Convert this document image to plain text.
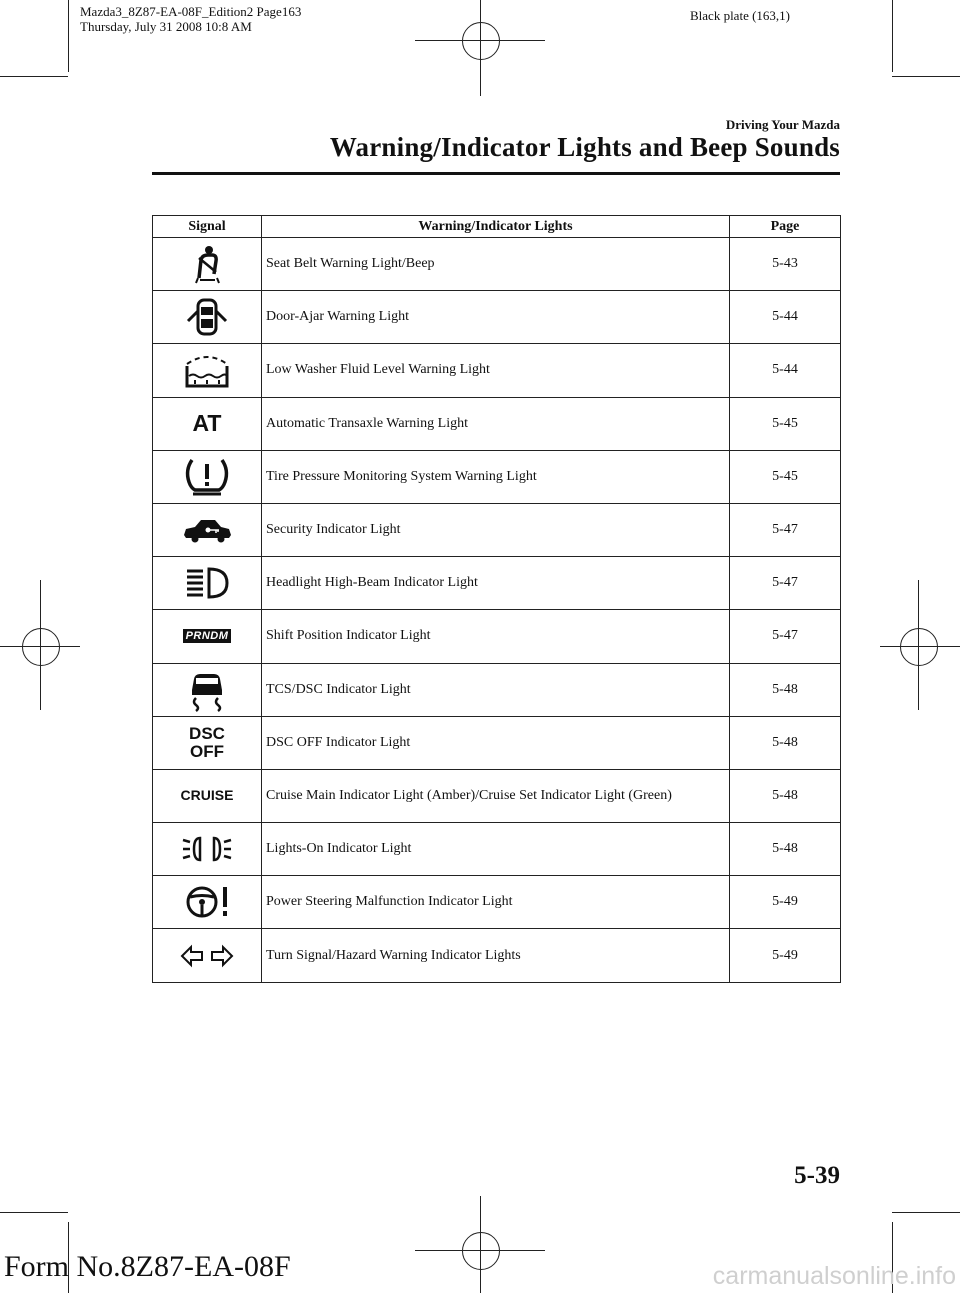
Mazda3_8Z87-EA-08F_Edition2 Page163
Thursday, July 31 2008 10:8 AM
Black plate (163,1)
Driving Your Mazda
Warning/Indicator Lights and Beep Sounds
Signal	Warning/Indicator Lights	Page

	Seat Belt Warning Light/Beep	5-43

	Door-Ajar Warning Light	5-44

	Low Washer Fluid Level Warning Light	5-44
AT	Automatic Transaxle Warning Light	5-45

	Tire Pressure Monitoring System Warning Light	5-45

	Security Indicator Light	5-47

	Headlight High-Beam Indicator Light	5-47
PRNDM	Shift Position Indicator Light	5-47

	TCS/DSC Indicator Light	5-48

DSC
OFF	DSC OFF Indicator Light	5-48
CRUISE	Cruise Main Indicator Light (Amber)/Cruise Set Indicator Light (Green)	5-48

	Lights-On Indicator Light	5-48

	Power Steering Malfunction Indicator Light	5-49

	Turn Signal/Hazard Warning Indicator Lights	5-49
5-39
Form No.8Z87-EA-08F	carmanualsonline.info
